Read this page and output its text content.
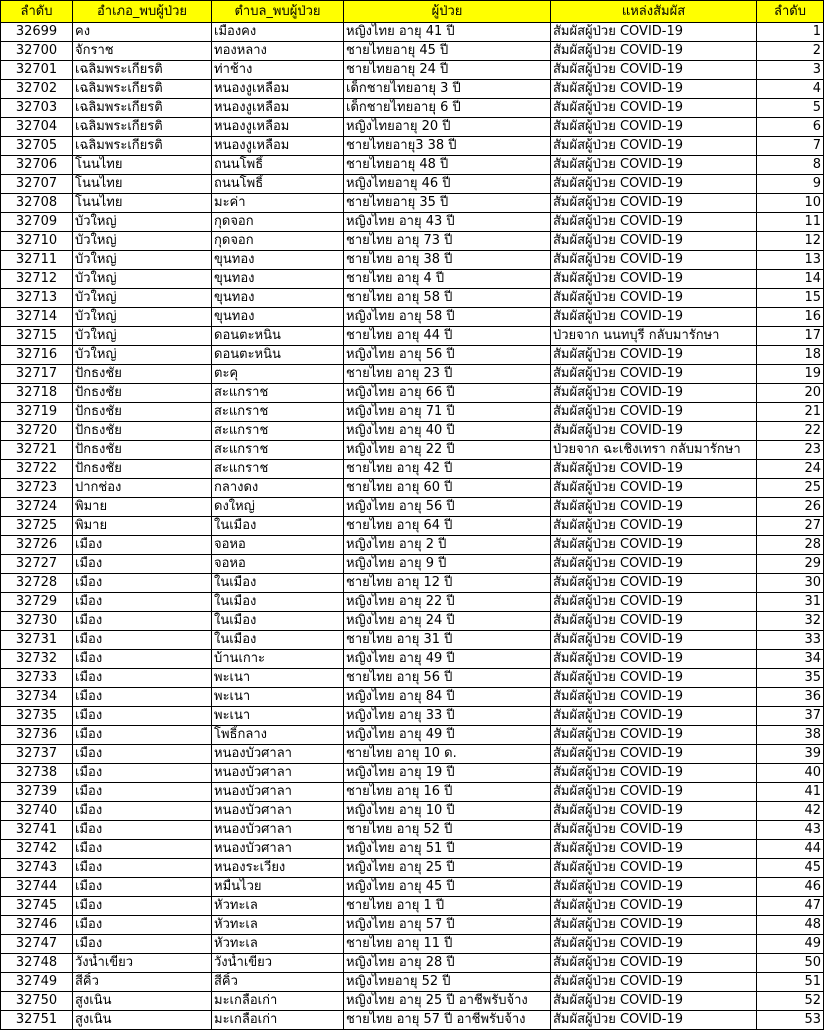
ลำดับ	อำเภอ_พบผู้ป่วย	ตำบล_พบผู้ป่วย	ผู้ป่วย	แหล่งสัมผัส	ลำดับ
32699	คง	เมืองคง	หญิงไทย อายุ 41 ปี	สัมผัสผู้ป่วย COVID-19	1
32700	จักราช	ทองหลาง	ชายไทยอายุ 45 ปี	สัมผัสผู้ป่วย COVID-19	2
32701	เฉลิมพระเกียรติ	ท่าช้าง	ชายไทยอายุ 24 ปี	สัมผัสผู้ป่วย COVID-19	3
32702	เฉลิมพระเกียรติ	หนองงูเหลือม	เด็กชายไทยอายุ 3 ปี	สัมผัสผู้ป่วย COVID-19	4
32703	เฉลิมพระเกียรติ	หนองงูเหลือม	เด็กชายไทยอายุ 6 ปี	สัมผัสผู้ป่วย COVID-19	5
32704	เฉลิมพระเกียรติ	หนองงูเหลือม	หญิงไทยอายุ 20 ปี	สัมผัสผู้ป่วย COVID-19	6
32705	เฉลิมพระเกียรติ	หนองงูเหลือม	ชายไทยอายุ3 38 ปี	สัมผัสผู้ป่วย COVID-19	7
32706	โนนไทย	ถนนโพธิ์	ชายไทยอายุ 48 ปี	สัมผัสผู้ป่วย COVID-19	8
32707	โนนไทย	ถนนโพธิ์	หญิงไทยอายุ 46 ปี	สัมผัสผู้ป่วย COVID-19	9
32708	โนนไทย	มะค่า	ชายไทยอายุ 35 ปี	สัมผัสผู้ป่วย COVID-19	10
32709	บัวใหญ่	กุดจอก	หญิงไทย อายุ 43 ปี	สัมผัสผู้ป่วย COVID-19	11
32710	บัวใหญ่	กุดจอก	ชายไทย อายุ 73 ปี	สัมผัสผู้ป่วย COVID-19	12
32711	บัวใหญ่	ขุนทอง	ชายไทย อายุ 38 ปี	สัมผัสผู้ป่วย COVID-19	13
32712	บัวใหญ่	ขุนทอง	ชายไทย อายุ 4 ปี	สัมผัสผู้ป่วย COVID-19	14
32713	บัวใหญ่	ขุนทอง	ชายไทย อายุ 58 ปี	สัมผัสผู้ป่วย COVID-19	15
32714	บัวใหญ่	ขุนทอง	หญิงไทย อายุ 58 ปี	สัมผัสผู้ป่วย COVID-19	16
32715	บัวใหญ่	ดอนตะหนิน	ชายไทย อายุ 44 ปี	ป่วยจาก นนทบุรี กลับมารักษา	17
32716	บัวใหญ่	ดอนตะหนิน	หญิงไทย อายุ 56 ปี	สัมผัสผู้ป่วย COVID-19	18
32717	ปักธงชัย	ตะคุ	ชายไทย อายุ 23 ปี	สัมผัสผู้ป่วย COVID-19	19
32718	ปักธงชัย	สะแกราช	หญิงไทย อายุ 66 ปี	สัมผัสผู้ป่วย COVID-19	20
32719	ปักธงชัย	สะแกราช	หญิงไทย อายุ 71 ปี	สัมผัสผู้ป่วย COVID-19	21
32720	ปักธงชัย	สะแกราช	หญิงไทย อายุ 40 ปี	สัมผัสผู้ป่วย COVID-19	22
32721	ปักธงชัย	สะแกราช	หญิงไทย อายุ 22 ปี	ป่วยจาก ฉะเชิงเทรา กลับมารักษา	23
32722	ปักธงชัย	สะแกราช	ชายไทย อายุ 42 ปี	สัมผัสผู้ป่วย COVID-19	24
32723	ปากช่อง	กลางดง	ชายไทย อายุ 60 ปี	สัมผัสผู้ป่วย COVID-19	25
32724	พิมาย	ดงใหญ่	หญิงไทย อายุ 56 ปี	สัมผัสผู้ป่วย COVID-19	26
32725	พิมาย	ในเมือง	ชายไทย อายุ 64 ปี	สัมผัสผู้ป่วย COVID-19	27
32726	เมือง	จอหอ	หญิงไทย อายุ 2 ปี	สัมผัสผู้ป่วย COVID-19	28
32727	เมือง	จอหอ	หญิงไทย อายุ 9 ปี	สัมผัสผู้ป่วย COVID-19	29
32728	เมือง	ในเมือง	ชายไทย อายุ 12 ปี	สัมผัสผู้ป่วย COVID-19	30
32729	เมือง	ในเมือง	หญิงไทย อายุ 22 ปี	สัมผัสผู้ป่วย COVID-19	31
32730	เมือง	ในเมือง	หญิงไทย อายุ 24 ปี	สัมผัสผู้ป่วย COVID-19	32
32731	เมือง	ในเมือง	ชายไทย อายุ 31 ปี	สัมผัสผู้ป่วย COVID-19	33
32732	เมือง	บ้านเกาะ	หญิงไทย อายุ 49 ปี	สัมผัสผู้ป่วย COVID-19	34
32733	เมือง	พะเนา	ชายไทย อายุ 56 ปี	สัมผัสผู้ป่วย COVID-19	35
32734	เมือง	พะเนา	หญิงไทย อายุ 84 ปี	สัมผัสผู้ป่วย COVID-19	36
32735	เมือง	พะเนา	หญิงไทย อายุ 33 ปี	สัมผัสผู้ป่วย COVID-19	37
32736	เมือง	โพธิ์กลาง	หญิงไทย อายุ 49 ปี	สัมผัสผู้ป่วย COVID-19	38
32737	เมือง	หนองบัวศาลา	ชายไทย อายุ 10 ด.	สัมผัสผู้ป่วย COVID-19	39
32738	เมือง	หนองบัวศาลา	หญิงไทย อายุ 19 ปี	สัมผัสผู้ป่วย COVID-19	40
32739	เมือง	หนองบัวศาลา	ชายไทย อายุ 16 ปี	สัมผัสผู้ป่วย COVID-19	41
32740	เมือง	หนองบัวศาลา	หญิงไทย อายุ 10 ปี	สัมผัสผู้ป่วย COVID-19	42
32741	เมือง	หนองบัวศาลา	ชายไทย อายุ 52 ปี	สัมผัสผู้ป่วย COVID-19	43
32742	เมือง	หนองบัวศาลา	หญิงไทย อายุ 51 ปี	สัมผัสผู้ป่วย COVID-19	44
32743	เมือง	หนองระเวียง	หญิงไทย อายุ 25 ปี	สัมผัสผู้ป่วย COVID-19	45
32744	เมือง	หมื่นไวย	หญิงไทย อายุ 45 ปี	สัมผัสผู้ป่วย COVID-19	46
32745	เมือง	หัวทะเล	ชายไทย อายุ 1 ปี	สัมผัสผู้ป่วย COVID-19	47
32746	เมือง	หัวทะเล	หญิงไทย อายุ 57 ปี	สัมผัสผู้ป่วย COVID-19	48
32747	เมือง	หัวทะเล	ชายไทย อายุ 11 ปี	สัมผัสผู้ป่วย COVID-19	49
32748	วังน้ำเขียว	วังน้ำเขียว	หญิงไทย อายุ 28 ปี	สัมผัสผู้ป่วย COVID-19	50
32749	สีคิ้ว	สีคิ้ว	หญิงไทยอายุ 52 ปี	สัมผัสผู้ป่วย COVID-19	51
32750	สูงเนิน	มะเกลือเก่า	หญิงไทย อายุ 25 ปี อาชีพรับจ้าง	สัมผัสผู้ป่วย COVID-19	52
32751	สูงเนิน	มะเกลือเก่า	ชายไทย อายุ 57 ปี อาชีพรับจ้าง	สัมผัสผู้ป่วย COVID-19	53
